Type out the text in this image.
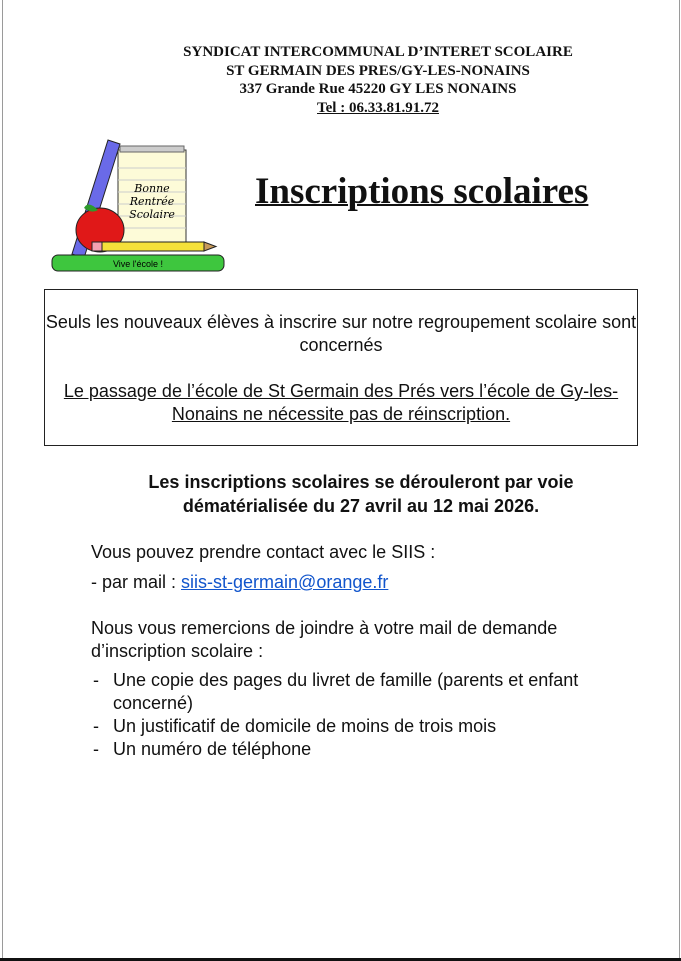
SYNDICAT INTERCOMMUNAL D’INTERET SCOLAIRE
ST GERMAIN DES PRES/GY-LES-NONAINS
337 Grande Rue 45220 GY LES NONAINS
Tel : 06.33.81.91.72
Bonne
Rentrée
Scolaire
Vive l'école !
Inscriptions scolaires

Seuls les nouveaux élèves à inscrire sur notre regroupement scolaire sont concernés

Le passage de l’école de St Germain des Prés vers l’école de Gy-les-Nonains ne nécessite pas de réinscription.

Les inscriptions scolaires se dérouleront par voie dématérialisée du 27 avril au 12 mai 2026.

Vous pouvez prendre contact avec le SIIS :

- par mail : siis-st-germain@orange.fr

Nous vous remercions de joindre à votre mail de demande d’inscription scolaire :

- Une copie des pages du livret de famille (parents et enfant concerné)
- Un justificatif de domicile de moins de trois mois
- Un numéro de téléphone
